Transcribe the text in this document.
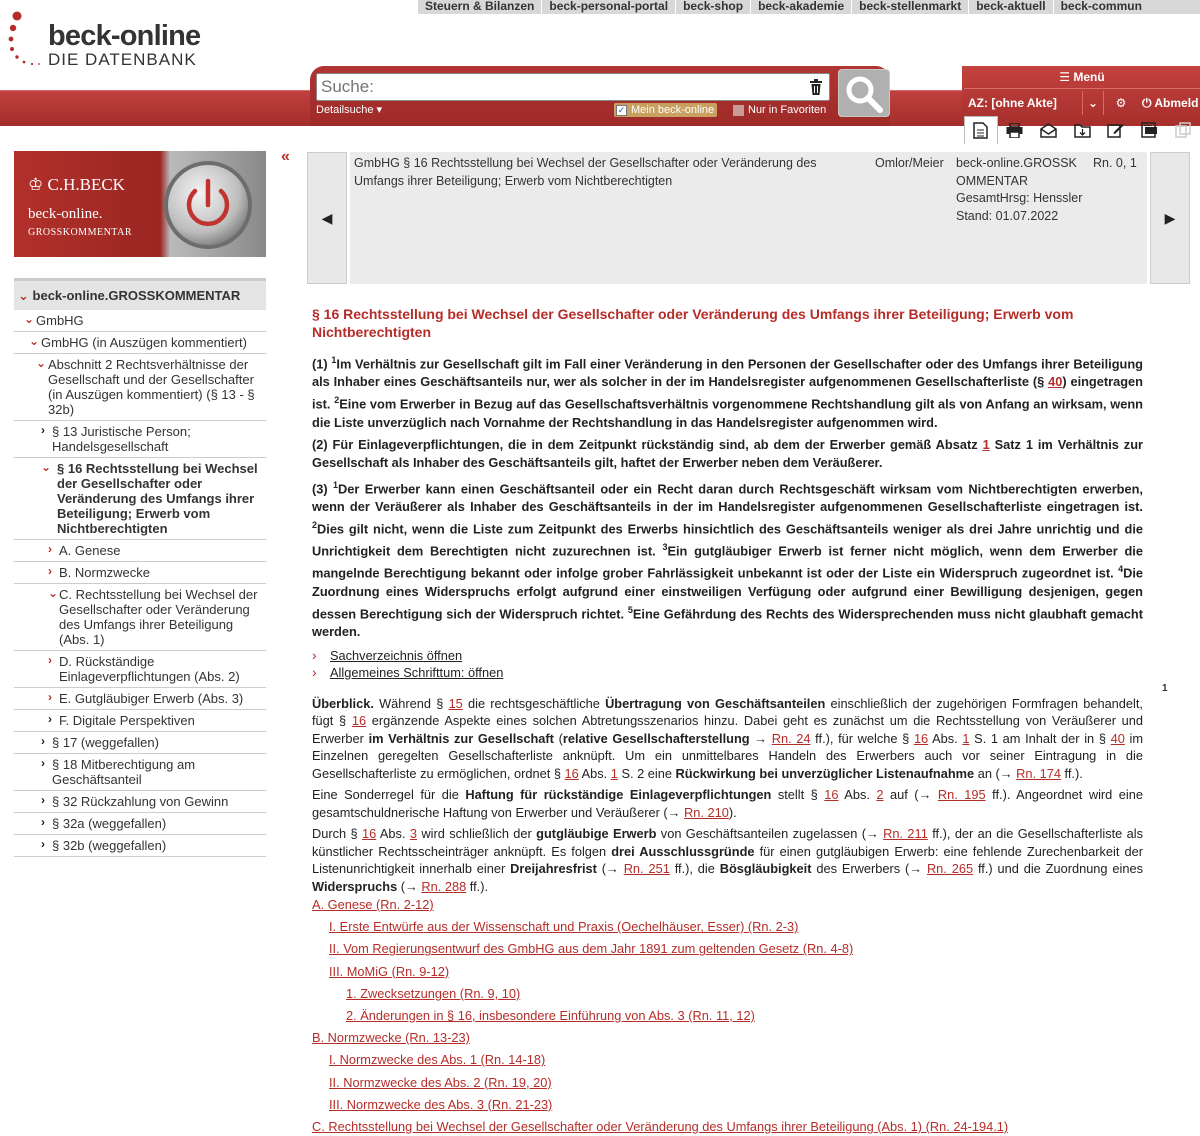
Steuern & Bilanzen	beck-personal-portal	beck-shop	beck-akademie	beck-stellenmarkt	beck-aktuell	beck-commun
beck-online
DIE DATENBANK
Suche:
Detailsuche ▾	✓ Mein beck-online	Nur in Favoriten
☰ Menü
AZ: [ohne Akte]	⌄	⚙	⏻ Abmeld
♔ C.H.BECK
beck-online.
GROSSKOMMENTAR
«
⌄ beck-online.GROSSKOMMENTAR
⌄ GmbHG
⌄ GmbHG (in Auszügen kommentiert)
⌄ Abschnitt 2 Rechtsverhältnisse der Gesellschaft und der Gesellschafter (in Auszügen kommentiert) (§ 13 - § 32b)
› § 13 Juristische Person; Handelsgesellschaft
⌄ § 16 Rechtsstellung bei Wechsel der Gesellschafter oder Veränderung des Umfangs ihrer Beteiligung; Erwerb vom Nichtberechtigten
› A. Genese
› B. Normzwecke
⌄ C. Rechtsstellung bei Wechsel der Gesellschafter oder Veränderung des Umfangs ihrer Beteiligung (Abs. 1)
› D. Rückständige Einlageverpflichtungen (Abs. 2)
› E. Gutgläubiger Erwerb (Abs. 3)
› F. Digitale Perspektiven
› § 17 (weggefallen)
› § 18 Mitberechtigung am Geschäftsanteil
› § 32 Rückzahlung von Gewinn
› § 32a (weggefallen)
› § 32b (weggefallen)
◀
GmbHG § 16 Rechtsstellung bei Wechsel der Gesellschafter oder Veränderung des Umfangs ihrer Beteiligung; Erwerb vom Nichtberechtigten
Omlor/Meier beck-online.GROSSKOMMENTAR
GesamtHrsg: Henssler
Stand: 01.07.2022
Rn. 0, 1
▶
§ 16 Rechtsstellung bei Wechsel der Gesellschafter oder Veränderung des Umfangs ihrer Beteiligung; Erwerb vom Nichtberechtigten

(1) $^1$Im Verhältnis zur Gesellschaft gilt im Fall einer Veränderung in den Personen der Gesellschafter oder des Umfangs ihrer Beteiligung als Inhaber eines Geschäftsanteils nur, wer als solcher in der im Handelsregister aufgenommenen Gesellschafterliste (§ 40) eingetragen ist. $^2$Eine vom Erwerber in Bezug auf das Gesellschaftsverhältnis vorgenommene Rechtshandlung gilt als von Anfang an wirksam, wenn die Liste unverzüglich nach Vornahme der Rechtshandlung in das Handelsregister aufgenommen wird.

(2) Für Einlageverpflichtungen, die in dem Zeitpunkt rückständig sind, ab dem der Erwerber gemäß Absatz 1 Satz 1 im Verhältnis zur Gesellschaft als Inhaber des Geschäftsanteils gilt, haftet der Erwerber neben dem Veräußerer.

(3) $^1$Der Erwerber kann einen Geschäftsanteil oder ein Recht daran durch Rechtsgeschäft wirksam vom Nichtberechtigten erwerben, wenn der Veräußerer als Inhaber des Geschäftsanteils in der im Handelsregister aufgenommenen Gesellschafterliste eingetragen ist. $^2$Dies gilt nicht, wenn die Liste zum Zeitpunkt des Erwerbs hinsichtlich des Geschäftsanteils weniger als drei Jahre unrichtig und die Unrichtigkeit dem Berechtigten nicht zuzurechnen ist. $^3$Ein gutgläubiger Erwerb ist ferner nicht möglich, wenn dem Erwerber die mangelnde Berechtigung bekannt oder infolge grober Fahrlässigkeit unbekannt ist oder der Liste ein Widerspruch zugeordnet ist. $^4$Die Zuordnung eines Widerspruchs erfolgt aufgrund einer einstweiligen Verfügung oder aufgrund einer Bewilligung desjenigen, gegen dessen Berechtigung sich der Widerspruch richtet. $^5$Eine Gefährdung des Rechts des Widersprechenden muss nicht glaubhaft gemacht werden.

›	Sachverzeichnis öffnen
›	Allgemeines Schrifttum: öffnen

Überblick. Während § 15 die rechtsgeschäftliche Übertragung von Geschäftsanteilen einschließlich der zugehörigen Formfragen behandelt, fügt § 16 ergänzende Aspekte eines solchen Abtretungsszenarios hinzu. Dabei geht es zunächst um die Rechtsstellung von Veräußerer und Erwerber im Verhältnis zur Gesellschaft (relative Gesellschafterstellung → Rn. 24 ff.), für welche § 16 Abs. 1 S. 1 am Inhalt der in § 40 im Einzelnen geregelten Gesellschafterliste anknüpft. Um ein unmittelbares Handeln des Erwerbers auch vor seiner Eintragung in die Gesellschafterliste zu ermöglichen, ordnet § 16 Abs. 1 S. 2 eine Rückwirkung bei unverzüglicher Listenaufnahme an (→ Rn. 174 ff.).

Eine Sonderregel für die Haftung für rückständige Einlageverpflichtungen stellt § 16 Abs. 2 auf (→ Rn. 195 ff.). Angeordnet wird eine gesamtschuldnerische Haftung von Erwerber und Veräußerer (→ Rn. 210).

Durch § 16 Abs. 3 wird schließlich der gutgläubige Erwerb von Geschäftsanteilen zugelassen (→ Rn. 211 ff.), der an die Gesellschafterliste als künstlicher Rechtsscheinträger anknüpft. Es folgen drei Ausschlussgründe für einen gutgläubigen Erwerb: eine fehlende Zurechenbarkeit der Listenunrichtigkeit innerhalb einer Dreijahresfrist (→ Rn. 251 ff.), die Bösgläubigkeit des Erwerbers (→ Rn. 265 ff.) und die Zuordnung eines Widerspruchs (→ Rn. 288 ff.).

1
A. Genese (Rn. 2-12)
I. Erste Entwürfe aus der Wissenschaft und Praxis (Oechelhäuser, Esser) (Rn. 2-3)
II. Vom Regierungsentwurf des GmbHG aus dem Jahr 1891 zum geltenden Gesetz (Rn. 4-8)
III. MoMiG (Rn. 9-12)
1. Zwecksetzungen (Rn. 9, 10)
2. Änderungen in § 16, insbesondere Einführung von Abs. 3 (Rn. 11, 12)
B. Normzwecke (Rn. 13-23)
I. Normzwecke des Abs. 1 (Rn. 14-18)
II. Normzwecke des Abs. 2 (Rn. 19, 20)
III. Normzwecke des Abs. 3 (Rn. 21-23)
C. Rechtsstellung bei Wechsel der Gesellschafter oder Veränderung des Umfangs ihrer Beteiligung (Abs. 1) (Rn. 24-194.1)
